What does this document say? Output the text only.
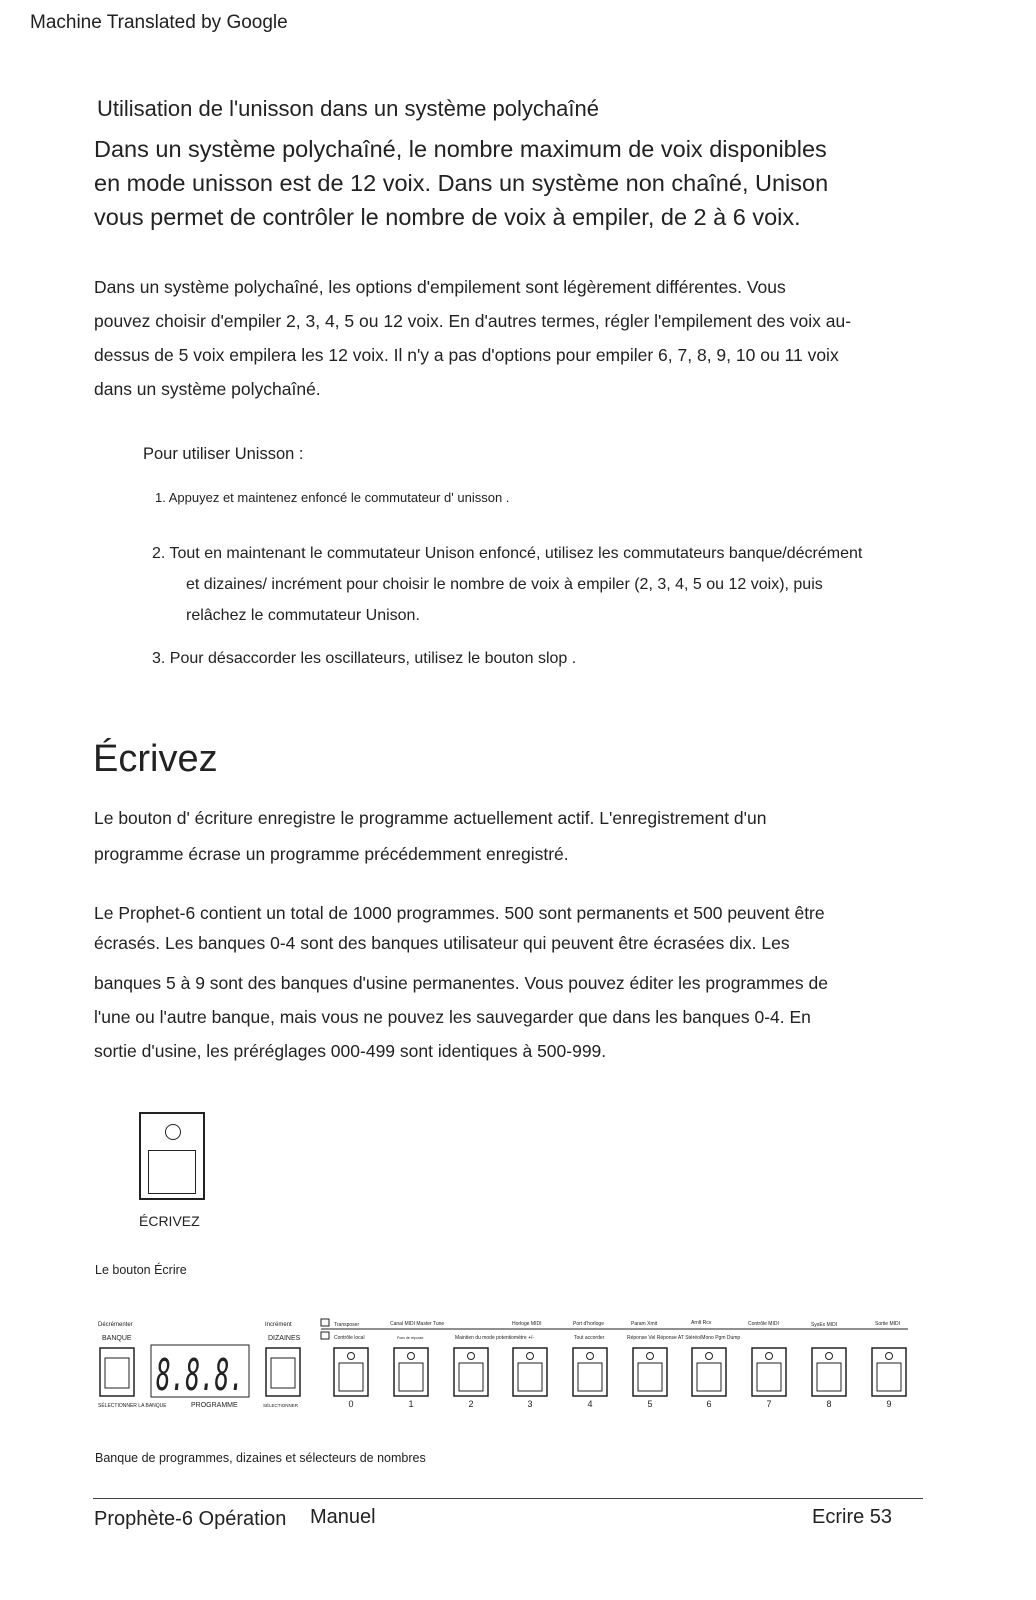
Machine Translated by Google
Utilisation de l'unisson dans un système polychaîné
Dans un système polychaîné, le nombre maximum de voix disponibles
en mode unisson est de 12 voix. Dans un système non chaîné, Unison
vous permet de contrôler le nombre de voix à empiler, de 2 à 6 voix.
Dans un système polychaîné, les options d'empilement sont légèrement différentes. Vous
pouvez choisir d'empiler 2, 3, 4, 5 ou 12 voix. En d'autres termes, régler l'empilement des voix au-
dessus de 5 voix empilera les 12 voix. Il n'y a pas d'options pour empiler 6, 7, 8, 9, 10 ou 11 voix
dans un système polychaîné.
Pour utiliser Unisson :
1. Appuyez et maintenez enfoncé le commutateur d' unisson .
2. Tout en maintenant le commutateur Unison enfoncé, utilisez les commutateurs banque/décrément
et dizaines/ incrément pour choisir le nombre de voix à empiler (2, 3, 4, 5 ou 12 voix), puis
relâchez le commutateur Unison.
3. Pour désaccorder les oscillateurs, utilisez le bouton slop .
Écrivez
Le bouton d' écriture enregistre le programme actuellement actif. L'enregistrement d'un
programme écrase un programme précédemment enregistré.
Le Prophet-6 contient un total de 1000 programmes. 500 sont permanents et 500 peuvent être
écrasés. Les banques 0-4 sont des banques utilisateur qui peuvent être écrasées dix. Les
banques 5 à 9 sont des banques d'usine permanentes. Vous pouvez éditer les programmes de
l'une ou l'autre banque, mais vous ne pouvez les sauvegarder que dans les banques 0-4. En
sortie d'usine, les préréglages 000-499 sont identiques à 500-999.
ÉCRIVEZ
Le bouton Écrire
Décrémenter
BANQUE
8.8.8.
Incrément
DIZAINES
SÉLECTIONNER LA BANQUE	PROGRAMME	SÉLECTIONNER
Transposer
Contrôle local
Canal MIDI Master Tune	Horloge MIDI	Port d'horloge	Param Xmit	Arnlt Rcv	Contrôle MIDI	SysEx MIDI	Sortie MIDI
Pous de réponse	Maintien du mode potentiomètre +/-	Tout accorder	Réponse Vel Réponse AT Stéréo/Mono Pgm Dump
0	1	2	3	4	5	6	7	8	9
Banque de programmes, dizaines et sélecteurs de nombres
Prophète-6 Opération Manuel	Ecrire 53
